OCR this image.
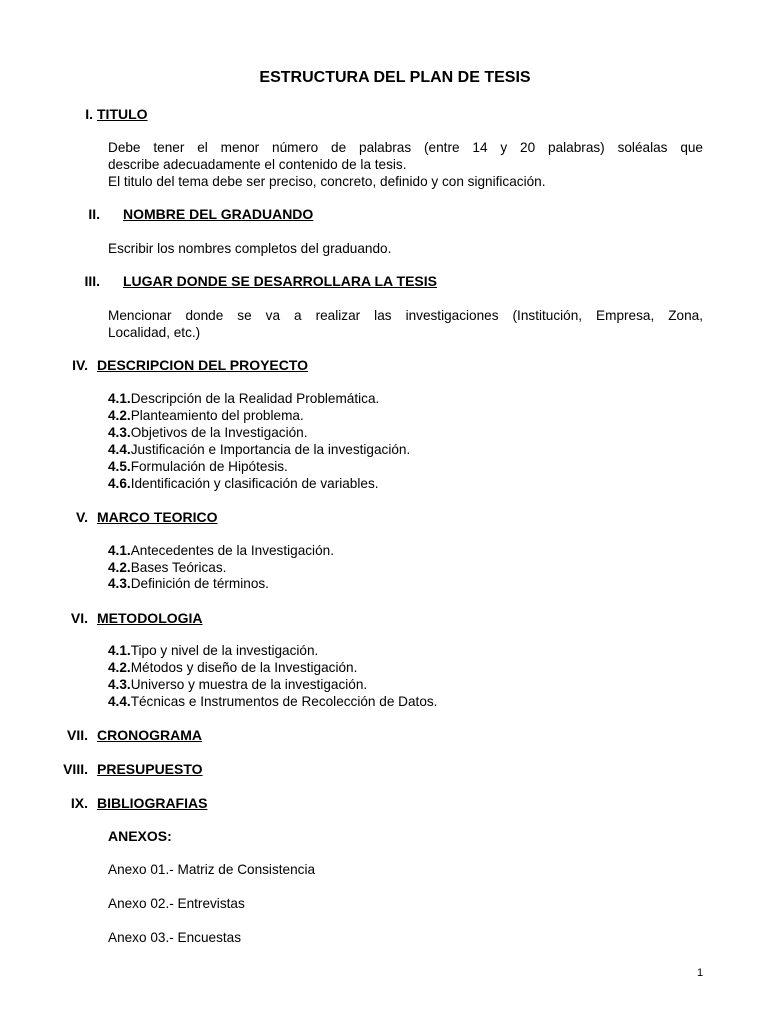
ESTRUCTURA DEL PLAN DE TESIS
I. TITULO
Debe tener el menor número de palabras (entre 14 y 20 palabras) soléalas que
describe adecuadamente el contenido de la tesis.
El titulo del tema debe ser preciso, concreto, definido y con significación.
II. NOMBRE DEL GRADUANDO
Escribir los nombres completos del graduando.
III. LUGAR DONDE SE DESARROLLARA LA TESIS
Mencionar donde se va a realizar las investigaciones (Institución, Empresa, Zona,
Localidad, etc.)
IV. DESCRIPCION DEL PROYECTO
4.1.Descripción de la Realidad Problemática.
4.2.Planteamiento del problema.
4.3.Objetivos de la Investigación.
4.4.Justificación e Importancia de la investigación.
4.5.Formulación de Hipótesis.
4.6.Identificación y clasificación de variables.
V. MARCO TEORICO
4.1.Antecedentes de la Investigación.
4.2.Bases Teóricas.
4.3.Definición de términos.
VI. METODOLOGIA
4.1.Tipo y nivel de la investigación.
4.2.Métodos y diseño de la Investigación.
4.3.Universo y muestra de la investigación.
4.4.Técnicas e Instrumentos de Recolección de Datos.
VII. CRONOGRAMA
VIII. PRESUPUESTO
IX. BIBLIOGRAFIAS
ANEXOS:
Anexo 01.- Matriz de Consistencia
Anexo 02.- Entrevistas
Anexo 03.- Encuestas
1
